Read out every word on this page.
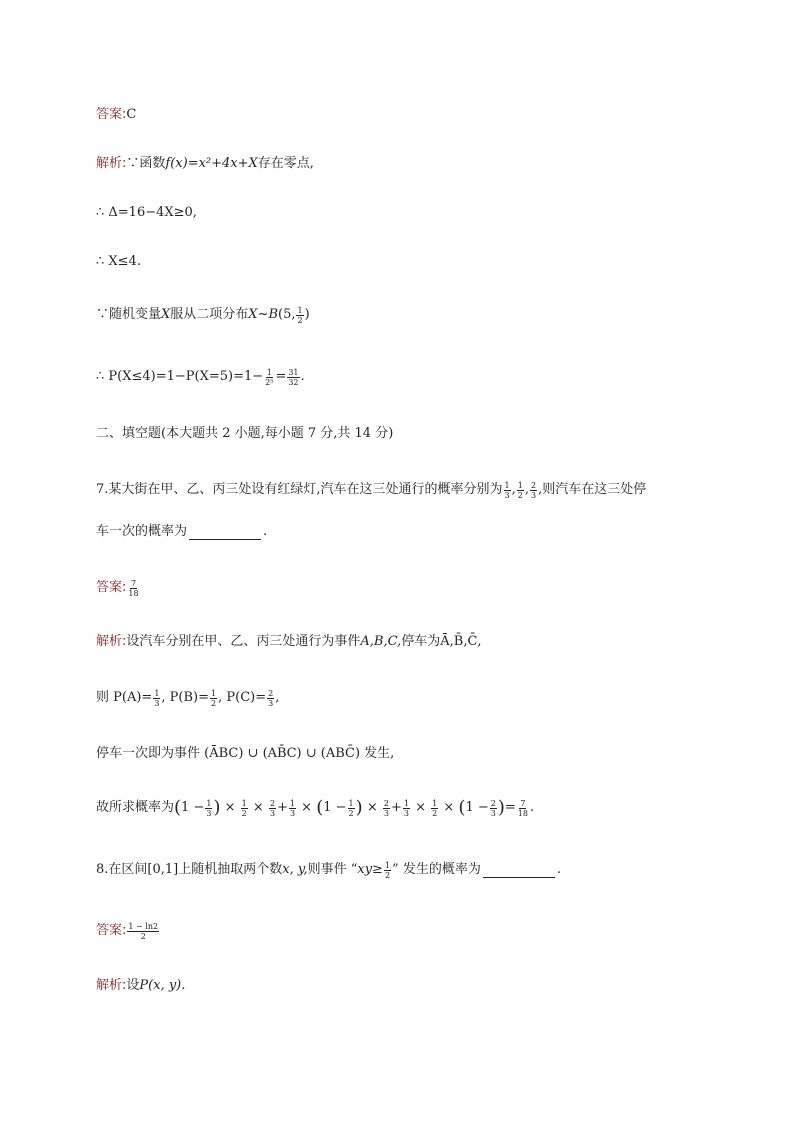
答案: C
解析: ∵函数 f(x) =x²+4x+X 存在零点,
∴ Δ=16−4X≥0,
∴ X≤4.
∵随机变量 X 服从二项分布 X~B (5, $\frac{1}{2}$ )
∴ $P(X\le 4)=1-P(X=5)=1- \frac{1}{\text{2⁵}} = \frac{31}{32}$ .
二、填空题(本大题共 2 小题,每小题 7 分,共 14 分)
7.某大街在甲、乙、丙三处设有红绿灯,汽车在这三处通行的概率分别为 $\frac{1}{3}$ , $\frac{1}{2}$ , $\frac{2}{3}$ ,则汽车在这三处停
车一次的概率为	.
答案: $\frac{7}{18}$
解析: 设汽车分别在甲、乙、丙三处通行为事件 A,B,C, 停车为 Ā,B̄,C̄,
则 $P(A)= \frac{1}{3}$ , $P(B)= \frac{1}{2}$ , $P(C)= \frac{2}{3}$ ,
停车一次即为事件 (ĀBC) ∪ (AB̄C) ∪ (ABC̄) 发生,
故所求概率为 ( $1 - \frac{1}{3}$ )
×
$\frac{1}{2}$
×
$\frac{2}{3} + \frac{1}{3}$
×
( $1 - \frac{1}{2}$ )
×
$\frac{2}{3} + \frac{1}{3}$
×
$\frac{1}{2}$
×
( $1 - \frac{2}{3}$ ) = $\frac{7}{18}$ .
8.在区间[0,1]上随机抽取两个数 x, y, 则事件 “ $xy\ge \frac{1}{2}$ ” 发生的概率为	.
答案: $\frac{1 - \ln 2}{2}$
解析: 设 P(x, y).
